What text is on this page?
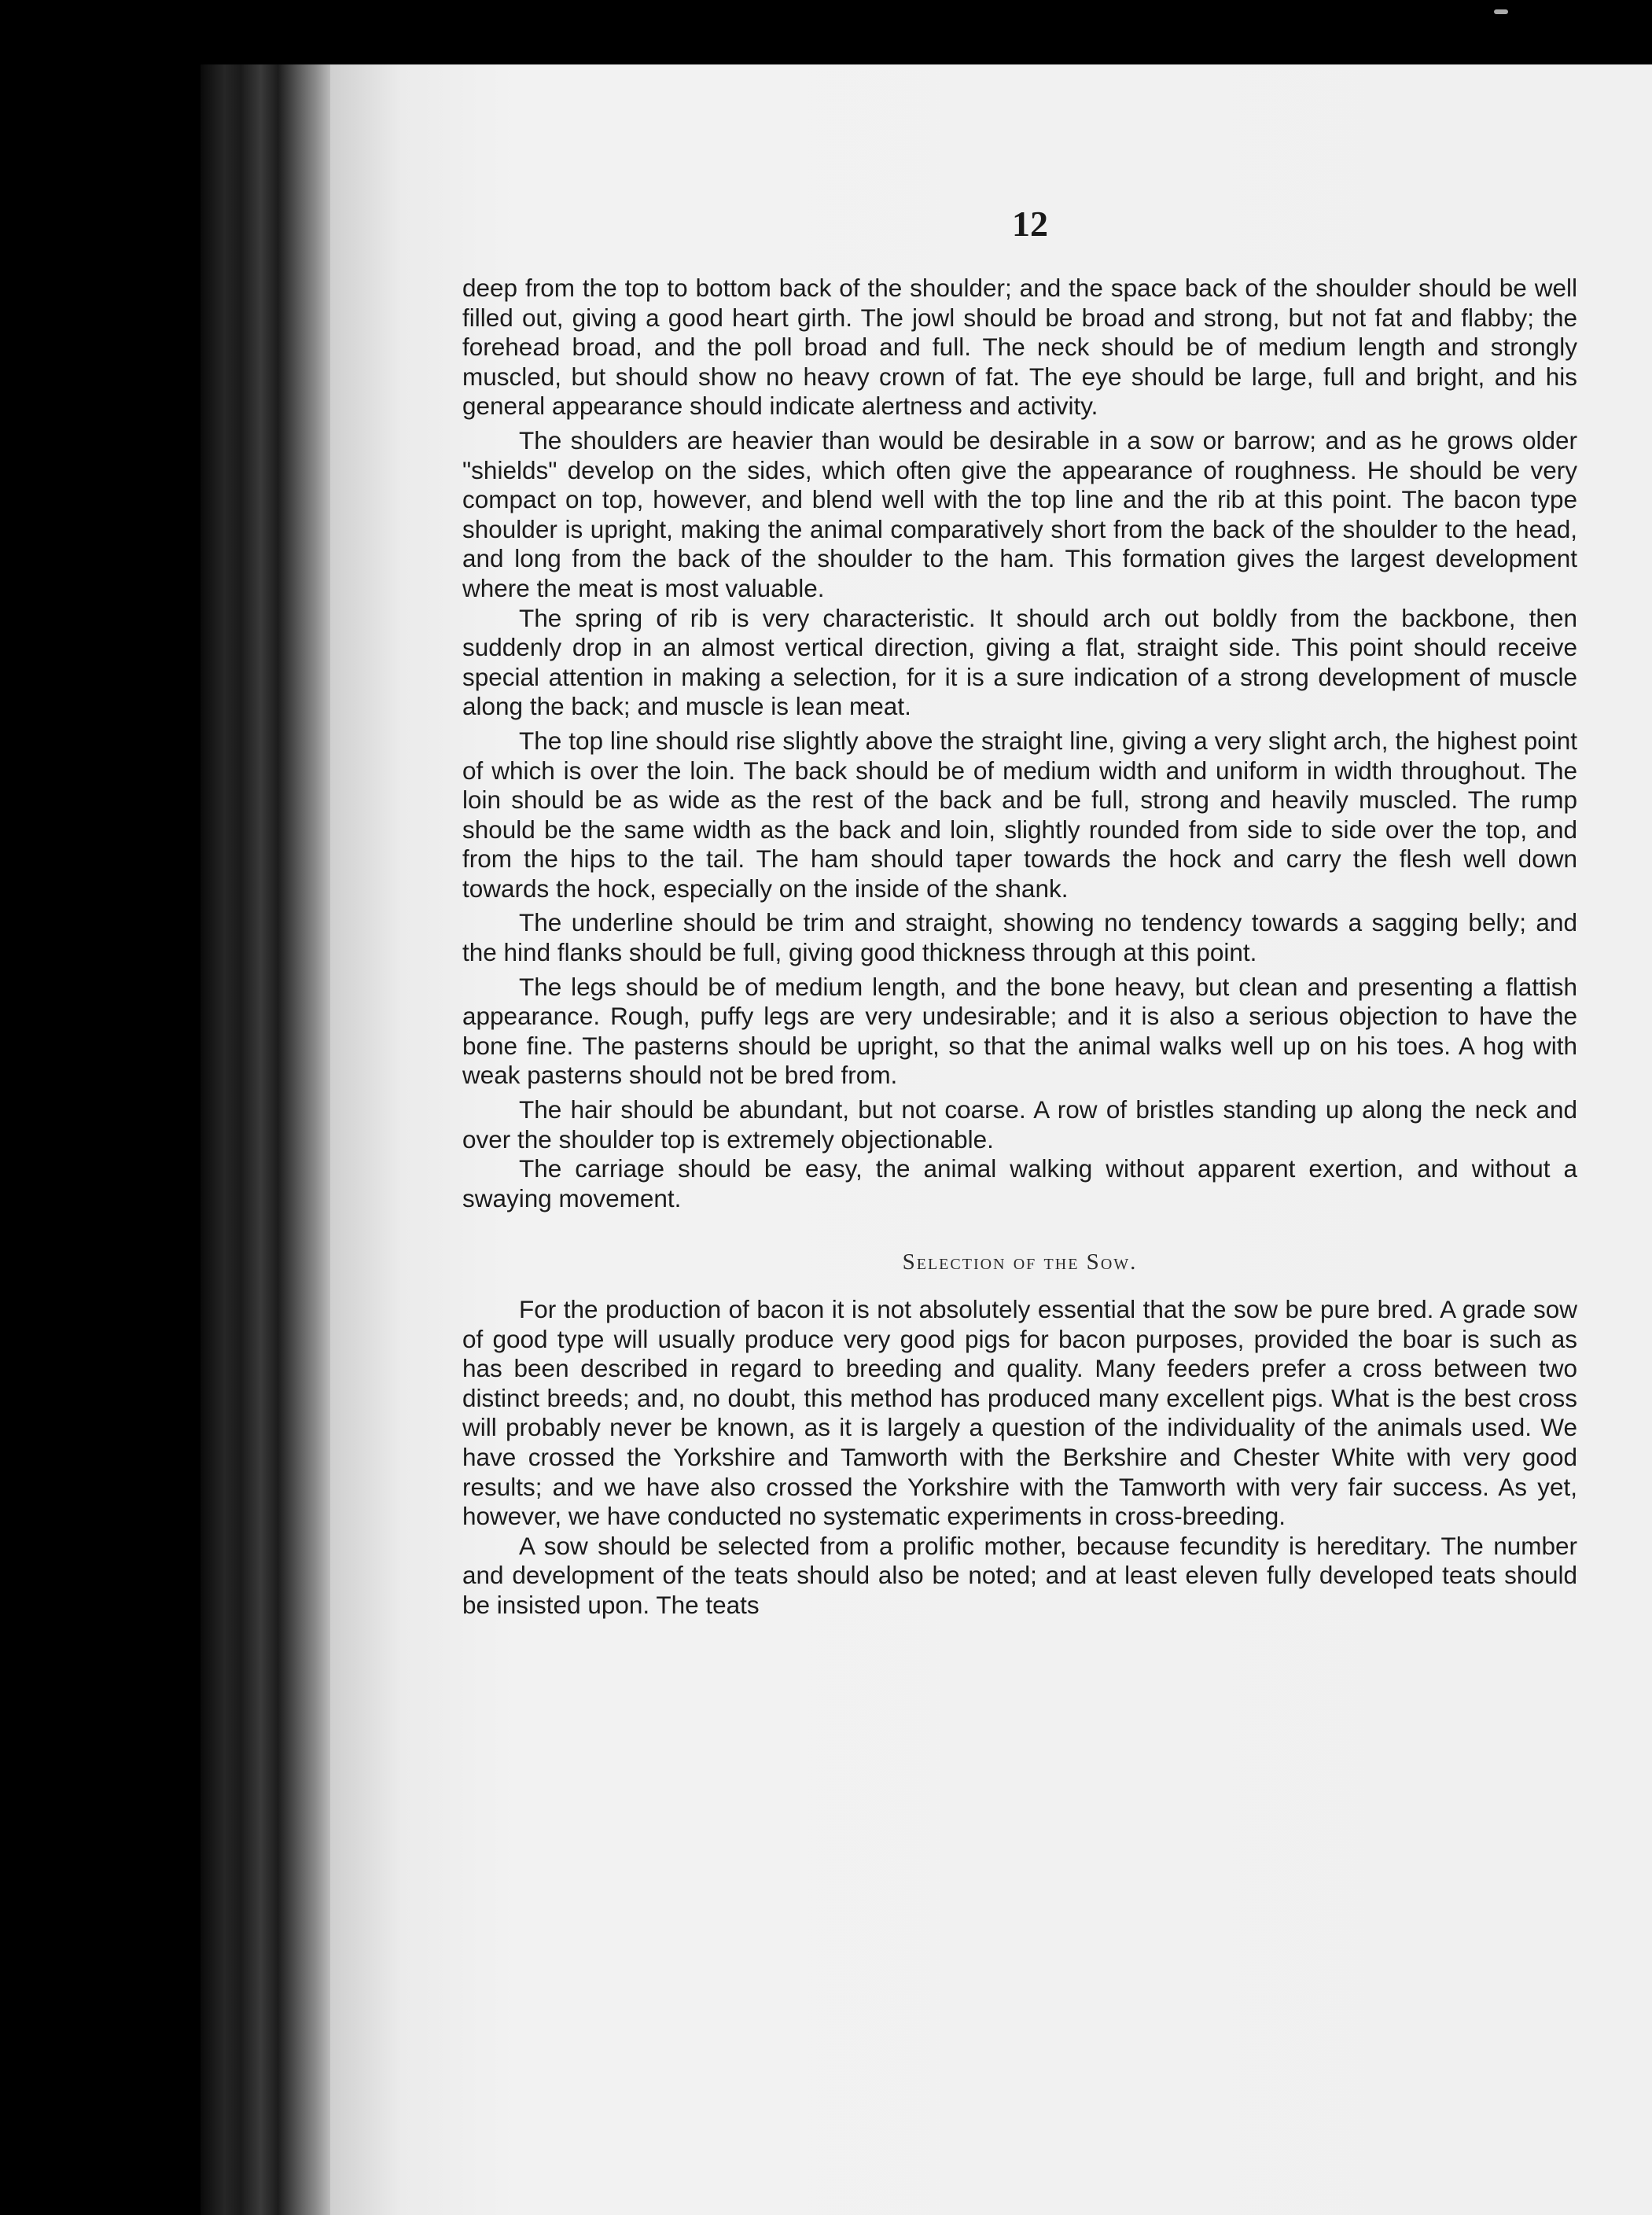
12

deep from the top to bottom back of the shoulder; and the space back of the shoulder should be well filled out, giving a good heart girth. The jowl should be broad and strong, but not fat and flabby; the forehead broad, and the poll broad and full. The neck should be of medium length and strongly muscled, but should show no heavy crown of fat. The eye should be large, full and bright, and his general appearance should indicate alertness and activity.

The shoulders are heavier than would be desirable in a sow or barrow; and as he grows older "shields" develop on the sides, which often give the appearance of roughness. He should be very compact on top, however, and blend well with the top line and the rib at this point. The bacon type shoulder is upright, making the animal comparatively short from the back of the shoulder to the head, and long from the back of the shoulder to the ham. This formation gives the largest development where the meat is most valuable.

The spring of rib is very characteristic. It should arch out boldly from the backbone, then suddenly drop in an almost vertical direction, giving a flat, straight side. This point should receive special attention in making a selection, for it is a sure indication of a strong development of muscle along the back; and muscle is lean meat.

The top line should rise slightly above the straight line, giving a very slight arch, the highest point of which is over the loin. The back should be of medium width and uniform in width throughout. The loin should be as wide as the rest of the back and be full, strong and heavily muscled. The rump should be the same width as the back and loin, slightly rounded from side to side over the top, and from the hips to the tail. The ham should taper towards the hock and carry the flesh well down towards the hock, especially on the inside of the shank.

The underline should be trim and straight, showing no tendency towards a sagging belly; and the hind flanks should be full, giving good thickness through at this point.

The legs should be of medium length, and the bone heavy, but clean and presenting a flattish appearance. Rough, puffy legs are very undesirable; and it is also a serious objection to have the bone fine. The pasterns should be upright, so that the animal walks well up on his toes. A hog with weak pasterns should not be bred from.

The hair should be abundant, but not coarse. A row of bristles standing up along the neck and over the shoulder top is extremely objectionable.

The carriage should be easy, the animal walking without apparent exertion, and without a swaying movement.

Selection of the Sow.

For the production of bacon it is not absolutely essential that the sow be pure bred. A grade sow of good type will usually produce very good pigs for bacon purposes, provided the boar is such as has been described in regard to breeding and quality. Many feeders prefer a cross between two distinct breeds; and, no doubt, this method has produced many excellent pigs. What is the best cross will probably never be known, as it is largely a question of the individuality of the animals used. We have crossed the Yorkshire and Tamworth with the Berkshire and Chester White with very good results; and we have also crossed the Yorkshire with the Tamworth with very fair success. As yet, however, we have conducted no systematic experiments in cross-breeding.

A sow should be selected from a prolific mother, because fecundity is hereditary. The number and development of the teats should also be noted; and at least eleven fully developed teats should be insisted upon. The teats
